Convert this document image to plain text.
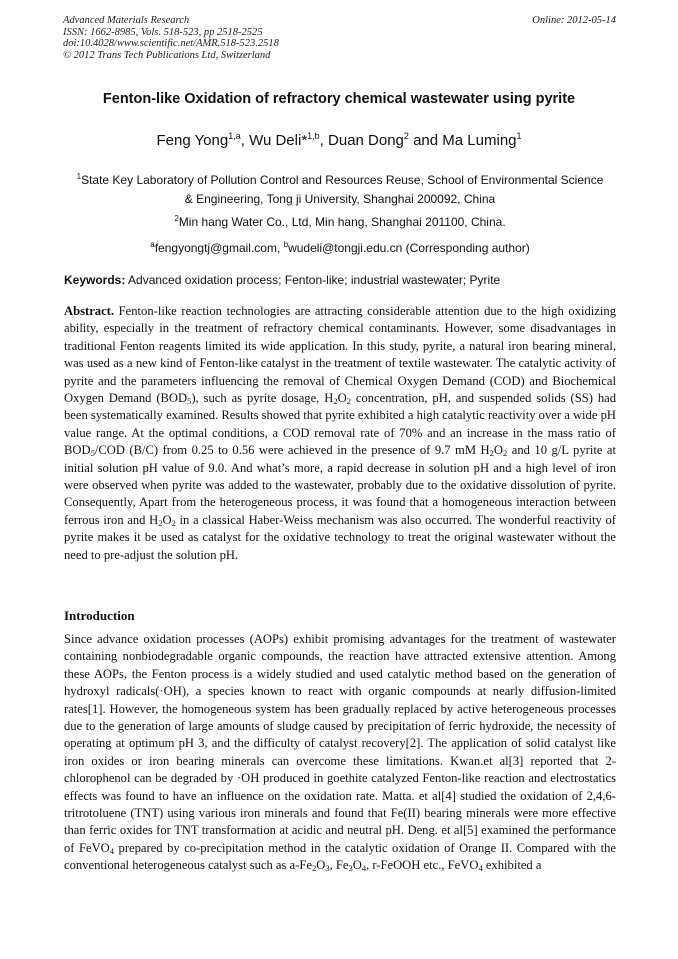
Advanced Materials Research
ISSN: 1662-8985, Vols. 518-523, pp 2518-2525
doi:10.4028/www.scientific.net/AMR.518-523.2518
© 2012 Trans Tech Publications Ltd, Switzerland
Online: 2012-05-14
Fenton-like Oxidation of refractory chemical wastewater using pyrite
Feng Yong$^{1,a}$, Wu Deli*$^{1,b}$, Duan Dong$^2$ and Ma Luming$^1$
$^1$State Key Laboratory of Pollution Control and Resources Reuse, School of Environmental Science
& Engineering, Tong ji University, Shanghai 200092, China
$^2$Min hang Water Co., Ltd, Min hang, Shanghai 201100, China.
$^a$fengyongtj@gmail.com, $^b$wudeli@tongji.edu.cn (Corresponding author)
Keywords: Advanced oxidation process; Fenton-like; industrial wastewater; Pyrite
Abstract. Fenton-like reaction technologies are attracting considerable attention due to the high oxidizing ability, especially in the treatment of refractory chemical contaminants. However, some disadvantages in traditional Fenton reagents limited its wide application. In this study, pyrite, a natural iron bearing mineral, was used as a new kind of Fenton-like catalyst in the treatment of textile wastewater. The catalytic activity of pyrite and the parameters influencing the removal of Chemical Oxygen Demand (COD) and Biochemical Oxygen Demand $(BOD_5)$, such as pyrite dosage, $H_2O_2$ concentration, pH, and suspended solids (SS) had been systematically examined. Results showed that pyrite exhibited a high catalytic reactivity over a wide pH value range. At the optimal conditions, a COD removal rate of 70% and an increase in the mass ratio of $BOD_5$/COD (B/C) from 0.25 to 0.56 were achieved in the presence of 9.7 mM $H_2O_2$ and 10 g/L pyrite at initial solution pH value of 9.0. And what’s more, a rapid decrease in solution pH and a high level of iron were observed when pyrite was added to the wastewater, probably due to the oxidative dissolution of pyrite. Consequently, Apart from the heterogeneous process, it was found that a homogeneous interaction between ferrous iron and $H_2O_2$ in a classical Haber-Weiss mechanism was also occurred. The wonderful reactivity of pyrite makes it be used as catalyst for the oxidative technology to treat the original wastewater without the need to pre-adjust the solution pH.
Introduction
Since advance oxidation processes (AOPs) exhibit promising advantages for the treatment of wastewater containing nonbiodegradable organic compounds, the reaction have attracted extensive attention. Among these AOPs, the Fenton process is a widely studied and used catalytic method based on the generation of hydroxyl radicals(·OH), a species known to react with organic compounds at nearly diffusion-limited rates[1]. However, the homogeneous system has been gradually replaced by active heterogeneous processes due to the generation of large amounts of sludge caused by precipitation of ferric hydroxide, the necessity of operating at optimum pH 3, and the difficulty of catalyst recovery[2]. The application of solid catalyst like iron oxides or iron bearing minerals can overcome these limitations. Kwan.et al[3] reported that 2-chlorophenol can be degraded by ·OH produced in goethite catalyzed Fenton-like reaction and electrostatics effects was found to have an influence on the oxidation rate. Matta. et al[4] studied the oxidation of 2,4,6-tritrotoluene (TNT) using various iron minerals and found that Fe(II) bearing minerals were more effective than ferric oxides for TNT transformation at acidic and neutral pH. Deng. et al[5] examined the performance of FeVO$_4$ prepared by co-precipitation method in the catalytic oxidation of Orange II. Compared with the conventional heterogeneous catalyst such as $a-Fe_2O_3$, $Fe_3O_4$, r-FeOOH etc., FeVO$_4$ exhibited a
